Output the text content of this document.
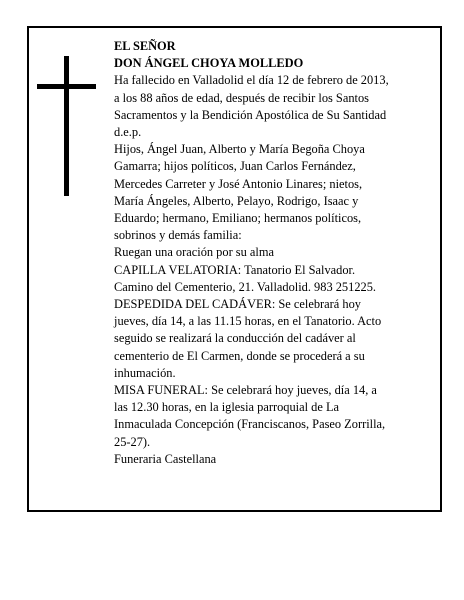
EL SEÑOR

DON ÁNGEL CHOYA MOLLEDO

Ha fallecido en Valladolid el día 12 de febrero de 2013,
a los 88 años de edad, después de recibir los Santos
Sacramentos y la Bendición Apostólica de Su Santidad
d.e.p.

Hijos, Ángel Juan, Alberto y María Begoña Choya
Gamarra; hijos políticos, Juan Carlos Fernández,
Mercedes Carreter y José Antonio Linares; nietos,
María Ángeles, Alberto, Pelayo, Rodrigo, Isaac y
Eduardo; hermano, Emiliano; hermanos políticos,
sobrinos y demás familia:

Ruegan una oración por su alma

CAPILLA VELATORIA: Tanatorio El Salvador.
Camino del Cementerio, 21. Valladolid. 983 251225.

DESPEDIDA DEL CADÁVER: Se celebrará hoy
jueves, día 14, a las 11.15 horas, en el Tanatorio. Acto
seguido se realizará la conducción del cadáver al
cementerio de El Carmen, donde se procederá a su
inhumación.

MISA FUNERAL: Se celebrará hoy jueves, día 14, a
las 12.30 horas, en la iglesia parroquial de La
Inmaculada Concepción (Franciscanos, Paseo Zorrilla,
25-27).

Funeraria Castellana
